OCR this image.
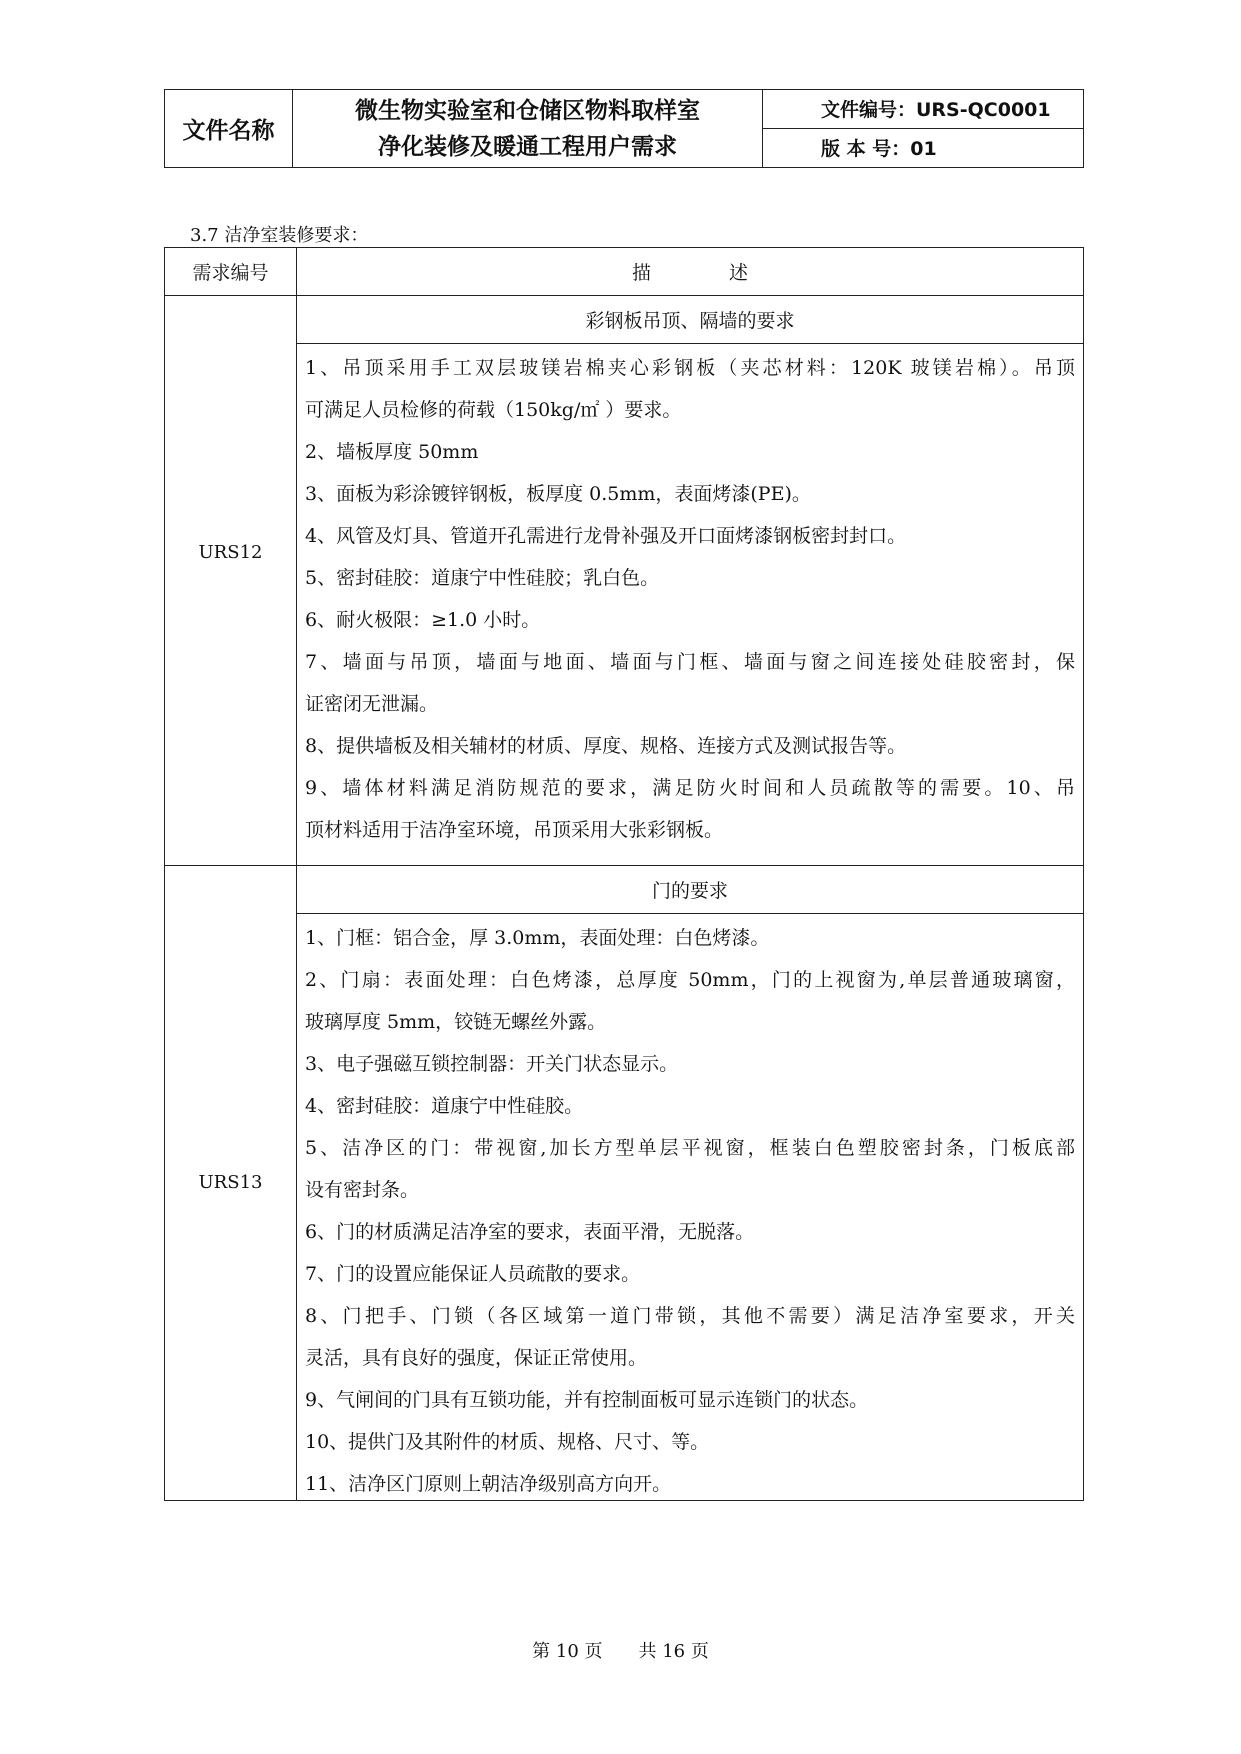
文件名称
微生物实验室和仓储区物料取样室
净化装修及暖通工程用户需求
文件编号：URS-QC0001
版 本 号：01
3.7 洁净室装修要求：
需求编号	描 述
彩钢板吊顶、隔墙的要求
URS12
1、吊顶采用手工双层玻镁岩棉夹心彩钢板（夹芯材料：120K 玻镁岩棉）。吊顶
可满足人员检修的荷载（150kg/㎡ ）要求。
2、墙板厚度 50mm
3、面板为彩涂镀锌钢板，板厚度 0.5mm，表面烤漆(PE)。
4、风管及灯具、管道开孔需进行龙骨补强及开口面烤漆钢板密封封口。
5、密封硅胶：道康宁中性硅胶；乳白色。
6、耐火极限：≥1.0 小时。
7、墙面与吊顶，墙面与地面、墙面与门框、墙面与窗之间连接处硅胶密封，保
证密闭无泄漏。
8、提供墙板及相关辅材的材质、厚度、规格、连接方式及测试报告等。
9、墙体材料满足消防规范的要求，满足防火时间和人员疏散等的需要。10、吊
顶材料适用于洁净室环境，吊顶采用大张彩钢板。
门的要求
URS13
1、门框：铝合金，厚 3.0mm，表面处理：白色烤漆。
2、门扇：表面处理：白色烤漆，总厚度 50mm，门的上视窗为,单层普通玻璃窗，
玻璃厚度 5mm，铰链无螺丝外露。
3、电子强磁互锁控制器：开关门状态显示。
4、密封硅胶：道康宁中性硅胶。
5、洁净区的门：带视窗,加长方型单层平视窗，框装白色塑胶密封条，门板底部
设有密封条。
6、门的材质满足洁净室的要求，表面平滑，无脱落。
7、门的设置应能保证人员疏散的要求。
8、门把手、门锁（各区域第一道门带锁，其他不需要）满足洁净室要求，开关
灵活，具有良好的强度，保证正常使用。
9、气闸间的门具有互锁功能，并有控制面板可显示连锁门的状态。
10、提供门及其附件的材质、规格、尺寸、等。
11、洁净区门原则上朝洁净级别高方向开。
第 10 页 共 16 页
